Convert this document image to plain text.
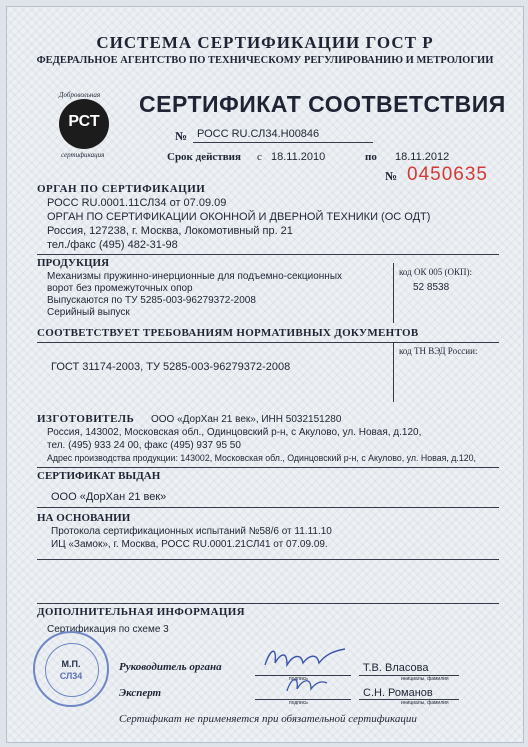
СИСТЕМА СЕРТИФИКАЦИИ ГОСТ Р
ФЕДЕРАЛЬНОЕ АГЕНТСТВО ПО ТЕХНИЧЕСКОМУ РЕГУЛИРОВАНИЮ И МЕТРОЛОГИИ
Добровольная
РСТ
сертификация
СЕРТИФИКАТ СООТВЕТСТВИЯ
№ РОСС RU.СЛ34.Н00846
Срок действия с 18.11.2010	по 18.11.2012
№ 0450635
ОРГАН ПО СЕРТИФИКАЦИИ
РОСС RU.0001.11СЛ34 от 07.09.09
ОРГАН ПО СЕРТИФИКАЦИИ ОКОННОЙ И ДВЕРНОЙ ТЕХНИКИ (ОС ОДТ)
Россия, 127238, г. Москва, Локомотивный пр. 21
тел./факс (495) 482-31-98
ПРОДУКЦИЯ
Механизмы пружинно-инерционные для подъемно-секционных
ворот без промежуточных опор
Выпускаются по ТУ 5285-003-96279372-2008
Серийный выпуск
код ОК 005 (ОКП):
52 8538
СООТВЕТСТВУЕТ ТРЕБОВАНИЯМ НОРМАТИВНЫХ ДОКУМЕНТОВ
код ТН ВЭД России:
ГОСТ 31174-2003, ТУ 5285-003-96279372-2008
ИЗГОТОВИТЕЛЬ ООО «ДорХан 21 век», ИНН 5032151280
Россия, 143002, Московская обл., Одинцовский р-н, с Акулово, ул. Новая, д.120,
тел. (495) 933 24 00, факс (495) 937 95 50
Адрес производства продукции: 143002, Московская обл., Одинцовский р-н, с Акулово, ул. Новая, д.120,
СЕРТИФИКАТ ВЫДАН
ООО «ДорХан 21 век»
НА ОСНОВАНИИ
Протокола сертификационных испытаний №58/6 от 11.11.10
ИЦ «Замок», г. Москва, РОСС RU.0001.21СЛ41 от 07.09.09.
ДОПОЛНИТЕЛЬНАЯ ИНФОРМАЦИЯ
Сертификация по схеме 3
М.П.
СЛ34
Руководитель органа
подпись
Т.В. Власова
инициалы, фамилия
Эксперт
подпись
С.Н. Романов
инициалы, фамилия
Сертификат не применяется при обязательной сертификации
